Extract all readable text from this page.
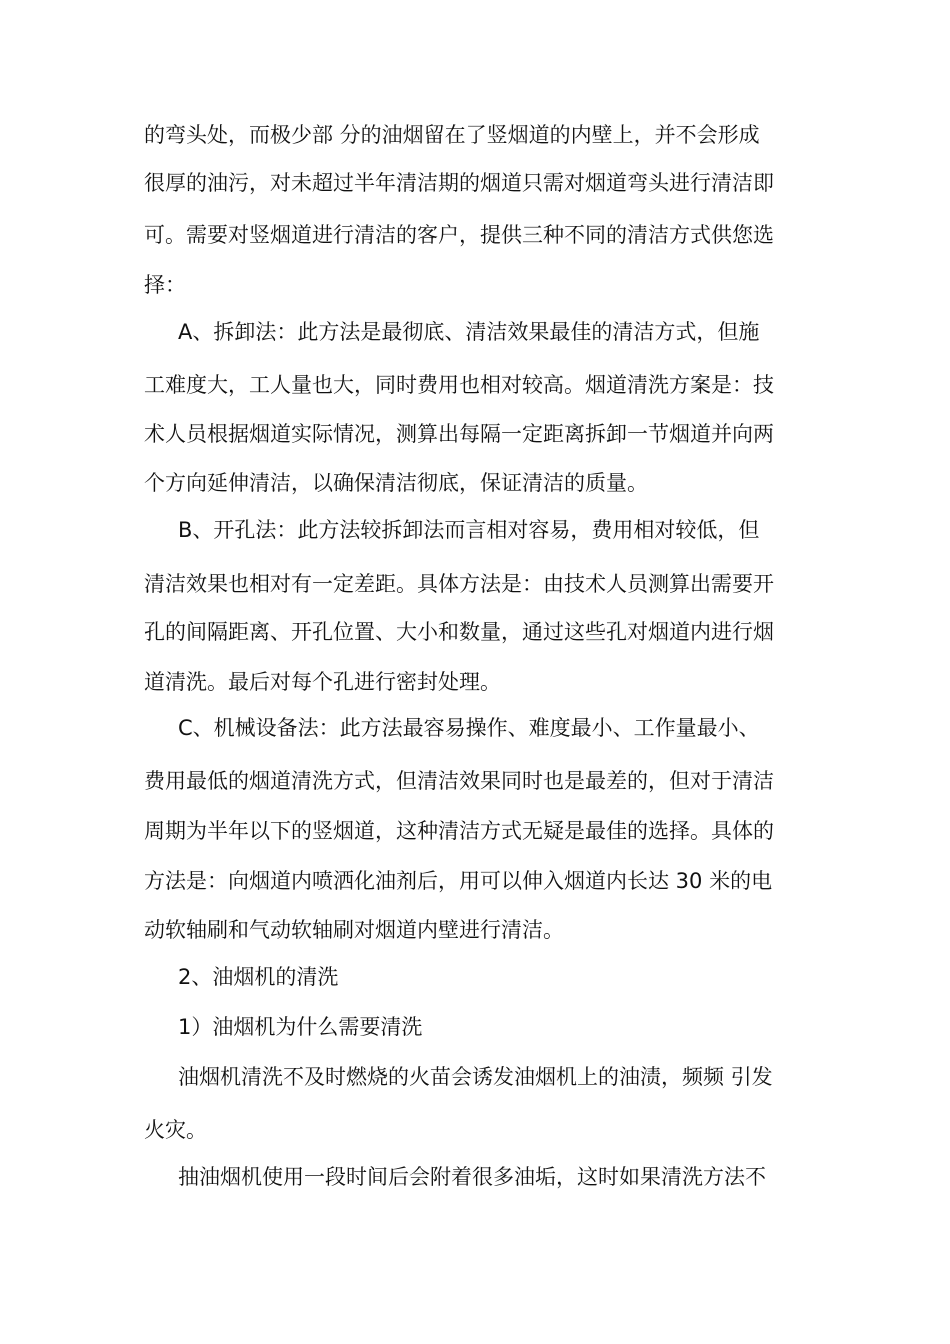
的弯头处，而极少部 分的油烟留在了竖烟道的内壁上，并不会形成
很厚的油污，对未超过半年清洁期的烟道只需对烟道弯头进行清洁即
可。需要对竖烟道进行清洁的客户，提供三种不同的清洁方式供您选
择：
A、拆卸法：此方法是最彻底、清洁效果最佳的清洁方式，但施
工难度大，工人量也大，同时费用也相对较高。烟道清洗方案是：技
术人员根据烟道实际情况，测算出每隔一定距离拆卸一节烟道并向两
个方向延伸清洁，以确保清洁彻底，保证清洁的质量。
B、开孔法：此方法较拆卸法而言相对容易，费用相对较低，但
清洁效果也相对有一定差距。具体方法是：由技术人员测算出需要开
孔的间隔距离、开孔位置、大小和数量，通过这些孔对烟道内进行烟
道清洗。最后对每个孔进行密封处理。
C、机械设备法：此方法最容易操作、难度最小、工作量最小、
费用最低的烟道清洗方式，但清洁效果同时也是最差的，但对于清洁
周期为半年以下的竖烟道，这种清洁方式无疑是最佳的选择。具体的
方法是：向烟道内喷洒化油剂后，用可以伸入烟道内长达 30 米的电
动软轴刷和气动软轴刷对烟道内壁进行清洁。
2、油烟机的清洗
1）油烟机为什么需要清洗
油烟机清洗不及时燃烧的火苗会诱发油烟机上的油渍，频频 引发
火灾。
抽油烟机使用一段时间后会附着很多油垢，这时如果清洗方法不
